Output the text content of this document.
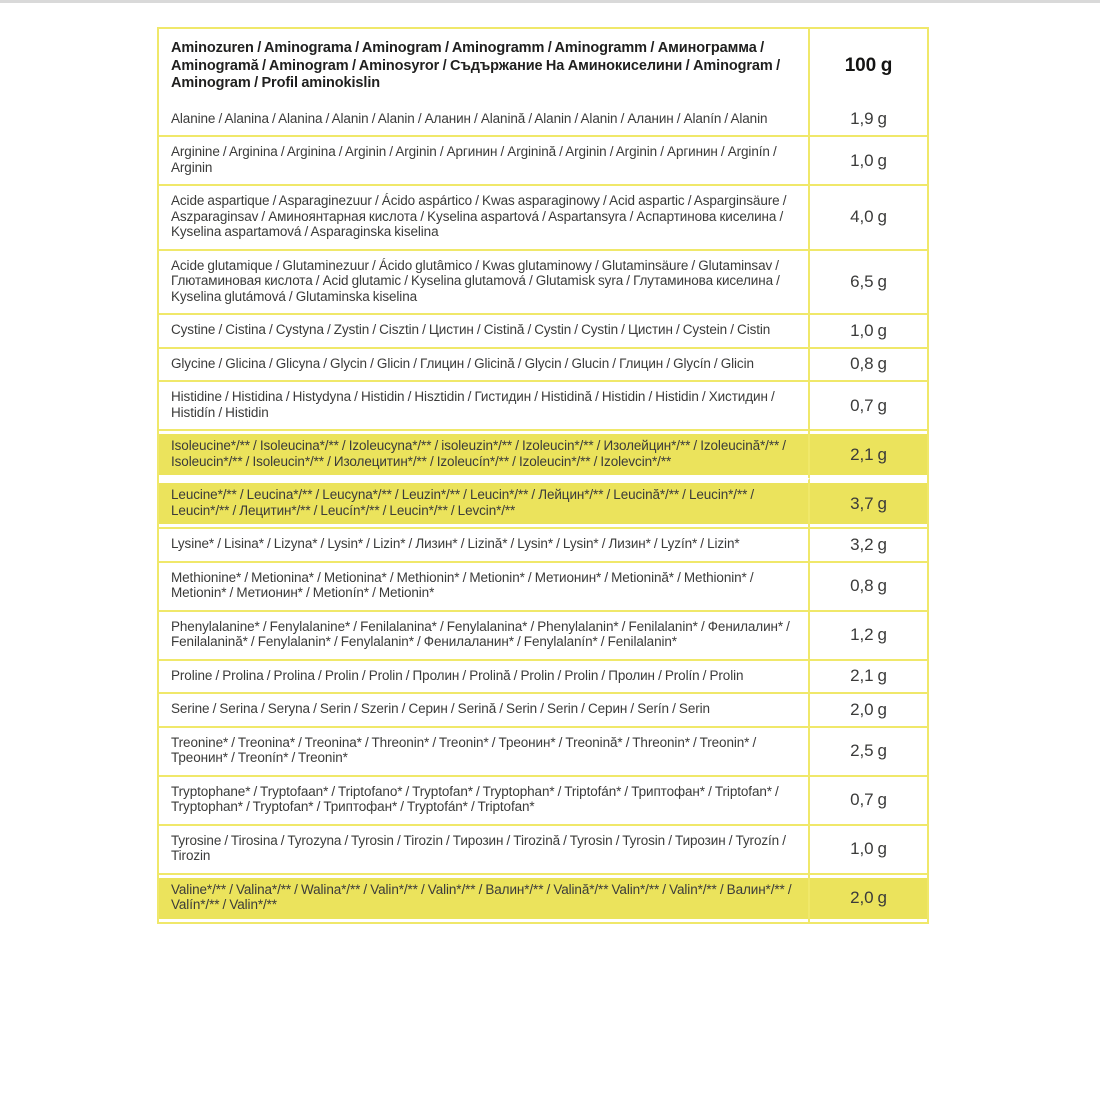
Aminozuren / Aminograma / Aminogram / Aminogramm / Aminogramm / Аминограмма / Aminogramă / Aminogram / Aminosyror / Съдържание На Аминокиселини / Aminogram / Aminogram / Profil aminokislin	100 g
Alanine / Alanina / Alanina / Alanin / Alanin / Аланин / Alanină / Alanin / Alanin / Аланин / Alanín / Alanin	1,9 g
Arginine / Arginina / Arginina / Arginin / Arginin / Аргинин / Arginină / Arginin / Arginin / Аргинин / Arginín / Arginin	1,0 g
Acide aspartique / Asparaginezuur / Ácido aspártico / Kwas asparaginowy / Acid aspartic / Asparginsäure / Aszparaginsav / Аминоянтарная кислота / Kyselina aspartová / Aspartansyra / Аспартинова киселина / Kyselina aspartamová / Asparaginska kiselina	4,0 g
Acide glutamique / Glutaminezuur / Ácido glutâmico / Kwas glutaminowy / Glutaminsäure / Glutaminsav / Глютаминовая кислота / Acid glutamic / Kyselina glutamová / Glutamisk syra / Глутаминова киселина / Kyselina glutámová / Glutaminska kiselina	6,5 g
Cystine / Cistina / Cystyna / Zystin / Cisztin / Цистин / Cistină / Cystin / Cystin / Цистин / Cystein / Cistin	1,0 g
Glycine / Glicina / Glicyna / Glycin / Glicin / Глицин / Glicină / Glycin / Glucin / Глицин / Glycín / Glicin	0,8 g
Histidine / Histidina / Histydyna / Histidin / Hisztidin / Гистидин / Histidină / Histidin / Histidin / Хистидин / Histidín / Histidin	0,7 g
Isoleucine*/** / Isoleucina*/** / Izoleucyna*/** / isoleuzin*/** / Izoleucin*/** / Изолейцин*/** / Izoleucină*/** / Isoleucin*/** / Isoleucin*/** / Изолецитин*/** / Izoleucín*/** / Izoleucin*/** / Izolevcin*/**	2,1 g
Leucine*/** / Leucina*/** / Leucyna*/** / Leuzin*/** / Leucin*/** / Лейцин*/** / Leucină*/** / Leucin*/** / Leucin*/** / Лецитин*/** / Leucín*/** / Leucin*/** / Levcin*/**	3,7 g
Lysine* / Lisina* / Lizyna* / Lysin* / Lizin* / Лизин* / Lizină* / Lysin* / Lysin* / Лизин* / Lyzín* / Lizin*	3,2 g
Methionine* / Metionina* / Metionina* / Methionin* / Metionin* / Метионин* / Metionină* / Methionin* / Metionin* / Метионин* / Metionín* / Metionin*	0,8 g
Phenylalanine* / Fenylalanine* / Fenilalanina* / Fenylalanina* / Phenylalanin* / Fenilalanin* / Фенилалин* / Fenilalanină* / Fenylalanin* / Fenylalanin* / Фенилаланин* / Fenylalanín* / Fenilalanin*	1,2 g
Proline / Prolina / Prolina / Prolin / Prolin / Пролин / Prolină / Prolin / Prolin / Пролин / Prolín / Prolin	2,1 g
Serine / Serina / Seryna / Serin / Szerin / Серин / Serină / Serin / Serin / Серин / Serín / Serin	2,0 g
Treonine* / Treonina* / Treonina* / Threonin* / Treonin* / Треонин* / Treonină* / Threonin* / Treonin* / Треонин* / Treonín* / Treonin*	2,5 g
Tryptophane* / Tryptofaan* / Triptofano* / Tryptofan* / Tryptophan* / Triptofán* / Триптофан* / Triptofan* / Tryptophan* / Tryptofan* / Триптофан* / Tryptofán* / Triptofan*	0,7 g
Tyrosine / Tirosina / Tyrozyna / Tyrosin / Tirozin / Тирозин / Tirozină / Tyrosin / Tyrosin / Тирозин / Tyrozín / Tirozin	1,0 g
Valine*/** / Valina*/** / Walina*/** / Valin*/** / Valin*/** / Валин*/** / Valină*/** Valin*/** / Valin*/** / Валин*/** / Valín*/** / Valin*/**	2,0 g
